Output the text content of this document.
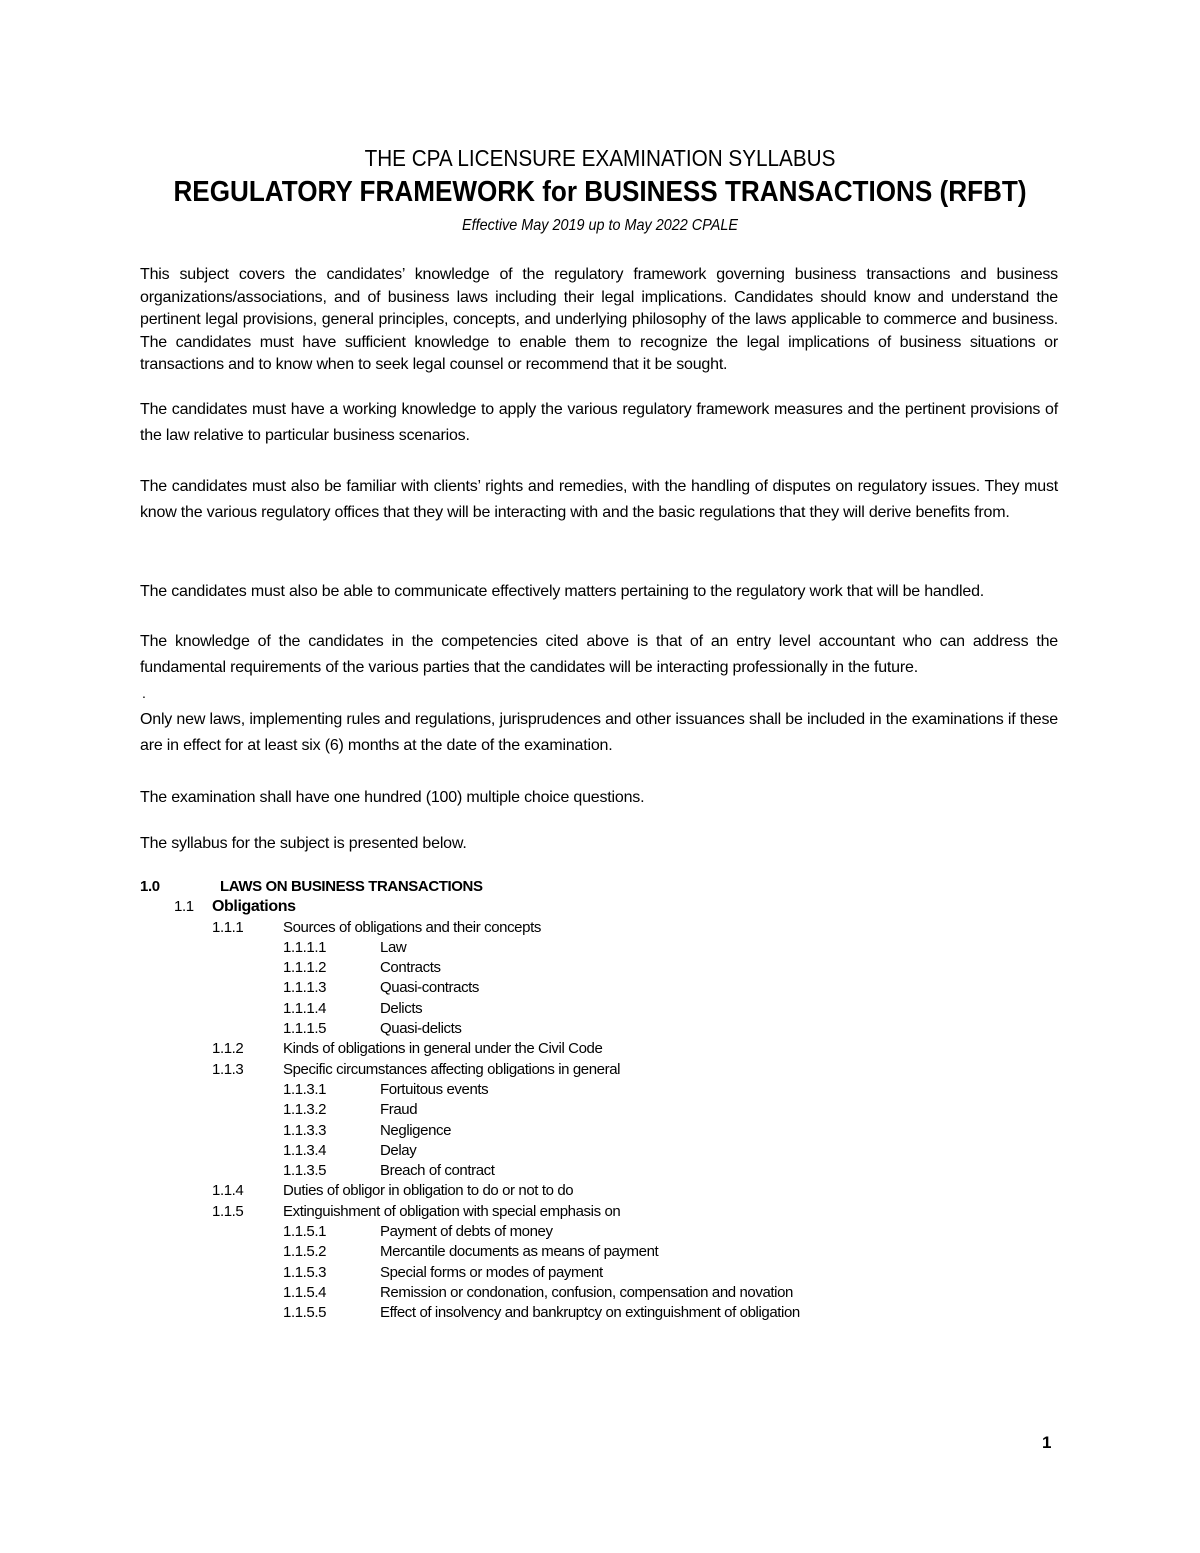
THE CPA LICENSURE EXAMINATION SYLLABUS
REGULATORY FRAMEWORK for BUSINESS TRANSACTIONS (RFBT)
Effective May 2019 up to May 2022 CPALE

This subject covers the candidates’ knowledge of the regulatory framework governing business transactions and business organizations/associations, and of business laws including their legal implications. Candidates should know and understand the pertinent legal provisions, general principles, concepts, and underlying philosophy of the laws applicable to commerce and business. The candidates must have sufficient knowledge to enable them to recognize the legal implications of business situations or transactions and to know when to seek legal counsel or recommend that it be sought.

The candidates must have a working knowledge to apply the various regulatory framework measures and the pertinent provisions of the law relative to particular business scenarios.

The candidates must also be familiar with clients’ rights and remedies, with the handling of disputes on regulatory issues. They must know the various regulatory offices that they will be interacting with and the basic regulations that they will derive benefits from.

The candidates must also be able to communicate effectively matters pertaining to the regulatory work that will be handled.

The knowledge of the candidates in the competencies cited above is that of an entry level accountant who can address the fundamental requirements of the various parties that the candidates will be interacting professionally in the future.

.

Only new laws, implementing rules and regulations, jurisprudences and other issuances shall be included in the examinations if these are in effect for at least six (6) months at the date of the examination.

The examination shall have one hundred (100) multiple choice questions.

The syllabus for the subject is presented below.

1.0	LAWS ON BUSINESS TRANSACTIONS
1.1 Obligations
1.1.1	Sources of obligations and their concepts
1.1.1.1	Law
1.1.1.2	Contracts
1.1.1.3	Quasi-contracts
1.1.1.4	Delicts
1.1.1.5	Quasi-delicts
1.1.2	Kinds of obligations in general under the Civil Code
1.1.3	Specific circumstances affecting obligations in general
1.1.3.1	Fortuitous events
1.1.3.2	Fraud
1.1.3.3	Negligence
1.1.3.4	Delay
1.1.3.5	Breach of contract
1.1.4	Duties of obligor in obligation to do or not to do
1.1.5	Extinguishment of obligation with special emphasis on
1.1.5.1	Payment of debts of money
1.1.5.2	Mercantile documents as means of payment
1.1.5.3	Special forms or modes of payment
1.1.5.4	Remission or condonation, confusion, compensation and novation
1.1.5.5	Effect of insolvency and bankruptcy on extinguishment of obligation
1
